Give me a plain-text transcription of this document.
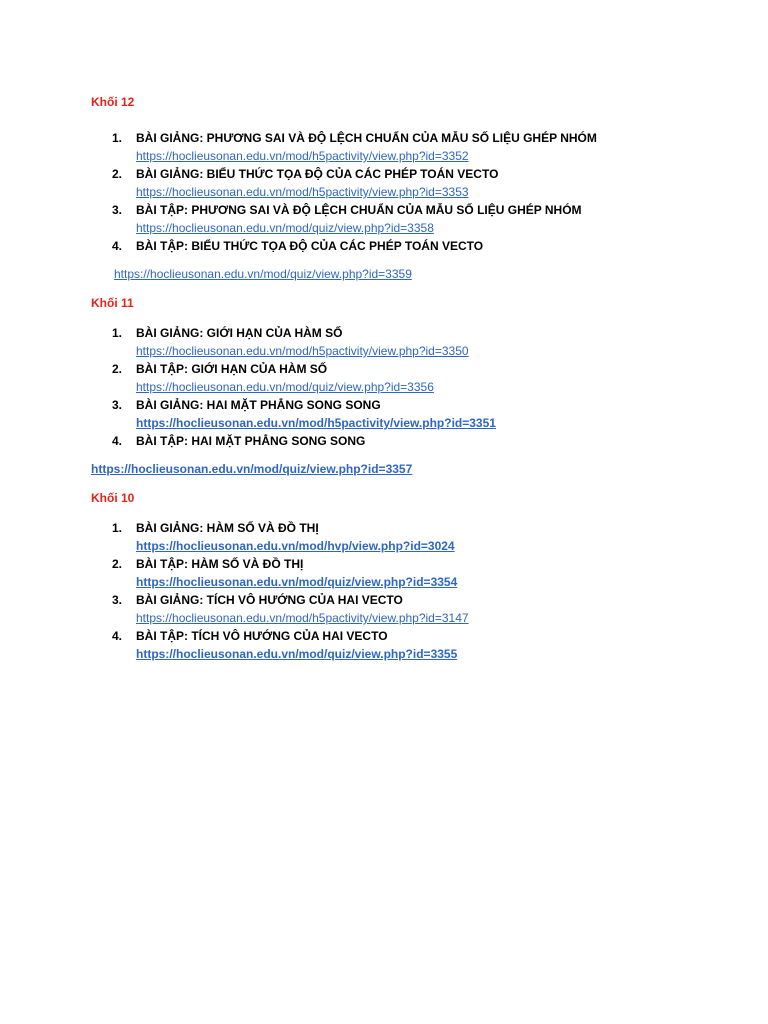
Khối 12

1. BÀI GIẢNG: PHƯƠNG SAI VÀ ĐỘ LỆCH CHUẨN CỦA MẪU SỐ LIỆU GHÉP NHÓM
https://hoclieusonan.edu.vn/mod/h5pactivity/view.php?id=3352
2. BÀI GIẢNG: BIỂU THỨC TỌA ĐỘ CỦA CÁC PHÉP TOÁN VECTO
https://hoclieusonan.edu.vn/mod/h5pactivity/view.php?id=3353
3. BÀI TẬP: PHƯƠNG SAI VÀ ĐỘ LỆCH CHUẨN CỦA MẪU SỐ LIỆU GHÉP NHÓM
https://hoclieusonan.edu.vn/mod/quiz/view.php?id=3358
4. BÀI TẬP: BIỂU THỨC TỌA ĐỘ CỦA CÁC PHÉP TOÁN VECTO
https://hoclieusonan.edu.vn/mod/quiz/view.php?id=3359

Khối 11

1. BÀI GIẢNG: GIỚI HẠN CỦA HÀM SỐ
https://hoclieusonan.edu.vn/mod/h5pactivity/view.php?id=3350
2. BÀI TẬP: GIỚI HẠN CỦA HÀM SỐ
https://hoclieusonan.edu.vn/mod/quiz/view.php?id=3356
3. BÀI GIẢNG: HAI MẶT PHẲNG SONG SONG
https://hoclieusonan.edu.vn/mod/h5pactivity/view.php?id=3351
4. BÀI TẬP: HAI MẶT PHẲNG SONG SONG
https://hoclieusonan.edu.vn/mod/quiz/view.php?id=3357

Khối 10

1. BÀI GIẢNG: HÀM SỐ VÀ ĐỒ THỊ
https://hoclieusonan.edu.vn/mod/hvp/view.php?id=3024
2. BÀI TẬP: HÀM SỐ VÀ ĐỒ THỊ
https://hoclieusonan.edu.vn/mod/quiz/view.php?id=3354
3. BÀI GIẢNG: TÍCH VÔ HƯỚNG CỦA HAI VECTO
https://hoclieusonan.edu.vn/mod/h5pactivity/view.php?id=3147
4. BÀI TẬP: TÍCH VÔ HƯỚNG CỦA HAI VECTO
https://hoclieusonan.edu.vn/mod/quiz/view.php?id=3355
